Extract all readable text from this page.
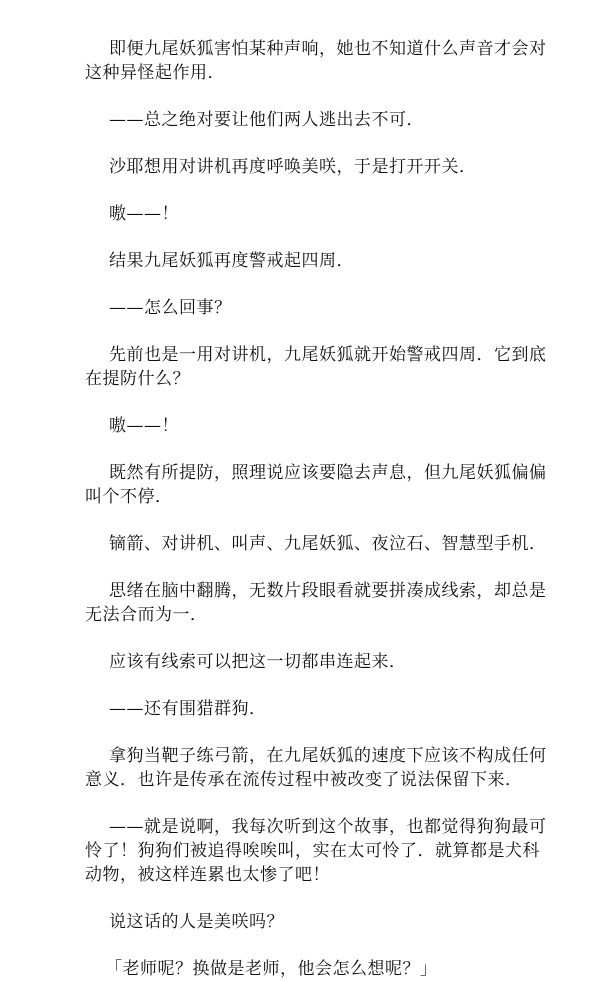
即便九尾妖狐害怕某种声响，她也不知道什么声音才会对这种异怪起作用．

——总之绝对要让他们两人逃出去不可．

沙耶想用对讲机再度呼唤美咲，于是打开开关．

嗷——！

结果九尾妖狐再度警戒起四周．

——怎么回事？

先前也是一用对讲机，九尾妖狐就开始警戒四周．它到底在提防什么？

嗷——！

既然有所提防，照理说应该要隐去声息，但九尾妖狐偏偏叫个不停．

镝箭、对讲机、叫声、九尾妖狐、夜泣石、智慧型手机．

思绪在脑中翻腾，无数片段眼看就要拼凑成线索，却总是无法合而为一．

应该有线索可以把这一切都串连起来．

——还有围猎群狗．

拿狗当靶子练弓箭，在九尾妖狐的速度下应该不构成任何意义．也许是传承在流传过程中被改变了说法保留下来．

——就是说啊，我每次听到这个故事，也都觉得狗狗最可怜了！狗狗们被追得唉唉叫，实在太可怜了．就算都是犬科动物，被这样连累也太惨了吧！

说这话的人是美咲吗？

「老师呢？换做是老师，他会怎么想呢？」
